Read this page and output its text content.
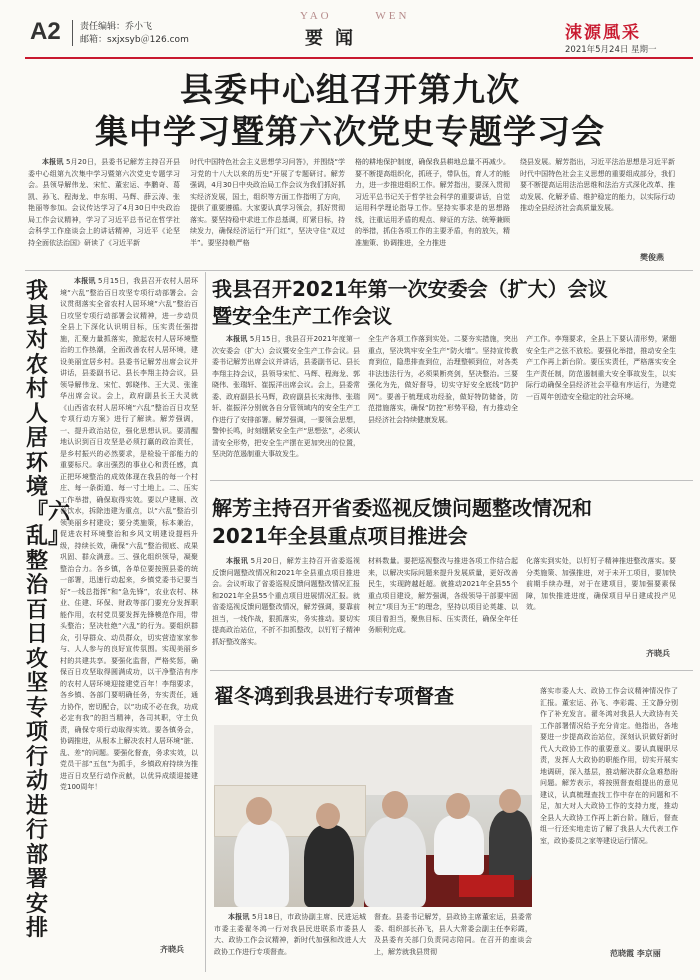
A2 责任编辑：乔小飞
邮箱：sxjxsyb＠126.com
YAO	WEN
要闻	涑源風采
2021年5月24日 星期一
县委中心组召开第九次
集中学习暨第六次党史专题学习会

本报讯 5月20日，县委书记解芳主持召开县委中心组第九次集中学习暨第六次党史专题学习会。县领导解伟龙、宋忙、董宏运、李鹏奇、葛凯、孙飞、程海龙、申东明、马辉、薛云涛、张艳丽等参加。会议传达学习了4月30日中央政治局工作会议精神，学习了习近平总书记在哲学社会科学工作座谈会上的讲话精神，习近平《论坚持全面依法治国》研读了《习近平新

时代中国特色社会主义思想学习问答》，并围绕“学习党的十八大以来的历史”开展了专题研讨。解芳强调，4月30日中央政治局工作会议为我们抓好抓实经济发展，国土，组织等方面工作指明了方向，提供了重要遵循。大家要认真学习领会，抓好贯彻落实。要坚持稳中求进工作总基调，盯紧目标，持续发力，确保经济运行“开门红”，坚决守住“双过半”。要坚持粮严格

格的耕地保护制度，确保我县耕地总量不再减少。要不断提高组织化，抓班子，带队伍，育人才的能力，进一步推进组织工作。解芳指出，要深入贯彻习近平总书记关于哲学社会科学的重要讲话，自觉运用科学理论指导工作。坚持实事求是的思想路线，注重运用矛盾的观点、辩证的方法、统筹兼顾的举措，抓住各项工作的主要矛盾，有的放矢，精准施策、协调推进，全力推进

绕县发展。解芳指出，习近平法治思想是习近平新时代中国特色社会主义思想的重要组成部分，我们要不断提高运用法治思维和法治方式深化改革、推动发展、化解矛盾、维护稳定的能力，以实际行动推动全县经济社会高质量发展。

樊俊燕
我县对农村人居环境『六乱』整治百日攻坚专项行动进行部署安排

本报讯 5月15日，我县召开农村人居环境“六乱”整治百日攻坚专项行动部署会。会议贯彻落实全省农村人居环境“六乱”整治百日攻坚专项行动部署会议精神，进一步动员全县上下深化认识明目标，压实责任强措施，汇聚力量抓落实，掀起农村人居环境整治的工作热潮，全面改善农村人居环境，建设美丽宜居乡村。县委书记解芳出席会议并讲话，县委副书记、县长李翔主持会议，县领导解伟龙、宋忙、郭晓伟、王大灵、张淮华出席会议。会上，政府副县长王大灵就《山西省农村人居环境“六乱”整治百日攻坚专项行动方案》进行了解读。解芳强调，一、提升政治站位，强化思想认识。要清醒地认识到百日攻坚是必须打赢的政治责任，是乡村振兴的必然要求，是检验干部能力的重要标尺。拿出强烈的事业心和责任感，真正把环境整治的成效体现在我县的每一个村庄、每一条街道、每一寸土地上。二、压实工作举措，确保取得实效。要以户建厕、改善饮水，拆除违建为重点，以“六乱”整治引领美丽乡村建设；要分类施策，标本兼治，促进农村环境整治和乡风文明建设提档升级，持续长效，确保“六乱”整治彻底、成果巩固、群众满意。三、强化组织领导，凝聚整治合力。各乡镇，各单位要按照县委的统一部署，迅速行动起来，乡镇党委书记要当好“一线总指挥”和“急先锋”，农业农村、林业、住建、环保、财政等部门要充分发挥职能作用，农村党员要发挥先锋模范作用，带头整治；坚决杜绝“六乱”的行为。要组织群众，引导群众、动员群众，切实营造家家参与、人人参与的良好宣传氛围。实现美丽乡村的共建共享。要强化监督，严格奖惩，确保百日攻坚取得圆满成功，以干净整洁有序的农村人居环境迎接建党百年！李翔要求，各乡镇、各部门要明确任务，夯实责任，通力协作，密切配合，以“功成不必在我，功成必定有我”的担当精神，各司其职，守土负责，确保专项行动取得实效。要各镇务会，协调推进，从根本上解决农村人居环境“脏、乱、差”的问题。要强化督查，务求实效，以党员干部“五包”为抓手，乡镇政府持续为推进百日攻坚行动作贡献，以优异成绩迎接建党100周年！

齐晓兵
我县召开2021年第一次安委会（扩大）会议
暨安全生产工作会议

本报讯 5月15日，我县召开2021年度第一次安委会（扩大）会议暨安全生产工作会议。县委书记解芳出席会议并讲话，县委副书记、县长李翔主持会议，县领导宋忙、马辉、程海龙、郭晓伟、张瑞轩、崔振洋出席会议。会上，县委常委、政府副县长马辉，政府副县长宋海伟、张瑞轩、崔振洋分别就各自分管领域内的安全生产工作进行了安排部署。解芳强调，一要领会思想，警钟长鸣，时刻绷紧安全生产“思想弦”，必须认清安全形势，把安全生产摆在更加突出的位置，坚决防范遏制重大事故发生。

全生产各项工作落到实处。二要夯实措施，突出重点，坚决筑牢安全生产“防火墙”。坚持宣传教育到位，隐患排查到位，治理整顿到位，对各类非法违法行为，必须果断亮剑，坚决整治。三要强化为先，做好督导，切实守好安全底线“防护网”。要善于梳理成功经验，做好特防储备，防范措施落实，确保“防控”形势平稳，有力推动全县经济社会持续健康发展。

产工作。李翔要求，全县上下要认清形势，紧绷安全生产之弦不放松。要强化举措，推动安全生产工作再上新台阶。要压实责任，严格落实安全生产责任制，防范遏制重大安全事故发生，以实际行动确保全县经济社会平稳有序运行，为建党一百周年创造安全稳定的社会环境。

解芳主持召开省委巡视反馈问题整改情况和
2021年全县重点项目推进会

本报讯 5月20日，解芳主持召开省委巡视反馈问题整改情况和2021年全县重点项目推进会。会议听取了省委巡视反馈问题整改情况汇报和2021年全县55个重点项目进展情况汇报。就省委巡视反馈问题整改情况，解芳强调，要靠前担当，一线作战，狠抓落实，务实推动。要切实提高政治站位，不折不扣抓整改，以钉钉子精神抓好整改落实。

材料数量。要把巡视整改与推进各项工作结合起来，以解决实际问题来提升发展质量，更好改善民生，实现跨越赶超。就推动2021年全县55个重点项目建设，解芳强调，各级领导干部要牢固树立“项目为王”的理念，坚持以项目论英雄、以项目看担当，聚焦目标、压实责任，确保全年任务顺利完成。

化落实到实处，以钉钉子精神推进整改落实。要分类施策、加强推进，对于未开工项目，要加快前期手续办理，对于在建项目，要加强要素保障，加快推进进度，确保项目早日建成投产见效。

齐晓兵
翟冬鸿到我县进行专项督查	落实市委人大、政协工作会议精神情况作了汇报。董宏运、孙飞、李彩霞、王文静分别作了补充发言。翟冬鸿对我县人大政协有关工作部署情况给予充分肯定。他指出，各地要进一步提高政治站位，深刻认识做好新时代人大政协工作的重要意义。要认真履职尽责，发挥人大政协的职能作用，切实开展实地调研，深入基层，推动解决群众急难愁盼问题。解芳表示，将按照督查组提出的意见建议，认真梳理查找工作中存在的问题和不足，加大对人大政协工作的支持力度，推动全县人大政协工作再上新台阶。随后，督查组一行还实地走访了解了我县人大代表工作室，政协委员之家等建设运行情况。

本报讯 5月18日，市政协副主席、民进运城市委主委翟冬鸿一行对我县民进联系市委县人大、政协工作会议精神，新时代加强和改进人大政协工作进行专项督查。

督查。县委书记解芳，县政协主席董宏运，县委常委、组织部长孙飞，县人大常委会副主任李彩霞，及县委有关部门负责同志陪同。在召开的座谈会上，解芳就我县贯彻	范晓霞 李京丽
